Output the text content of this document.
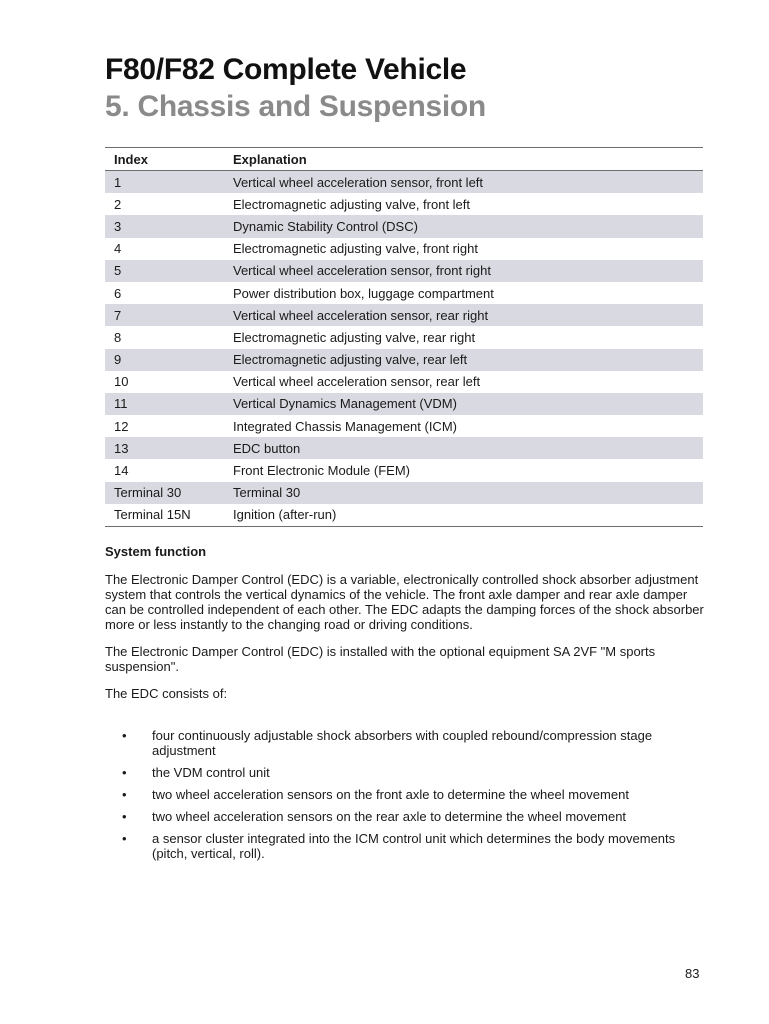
F80/F82 Complete Vehicle
5. Chassis and Suspension
Index	Explanation
1	Vertical wheel acceleration sensor, front left
2	Electromagnetic adjusting valve, front left
3	Dynamic Stability Control (DSC)
4	Electromagnetic adjusting valve, front right
5	Vertical wheel acceleration sensor, front right
6	Power distribution box, luggage compartment
7	Vertical wheel acceleration sensor, rear right
8	Electromagnetic adjusting valve, rear right
9	Electromagnetic adjusting valve, rear left
10	Vertical wheel acceleration sensor, rear left
11	Vertical Dynamics Management (VDM)
12	Integrated Chassis Management (ICM)
13	EDC button
14	Front Electronic Module (FEM)
Terminal 30	Terminal 30
Terminal 15N	Ignition (after-run)
System function

The Electronic Damper Control (EDC) is a variable, electronically controlled shock absorber adjustment system that controls the vertical dynamics of the vehicle. The front axle damper and rear axle damper can be controlled independent of each other. The EDC adapts the damping forces of the shock absorber more or less instantly to the changing road or driving conditions.

The Electronic Damper Control (EDC) is installed with the optional equipment SA 2VF "M sports suspension".

The EDC consists of:

• four continuously adjustable shock absorbers with coupled rebound/compression stage adjustment
• the VDM control unit
• two wheel acceleration sensors on the front axle to determine the wheel movement
• two wheel acceleration sensors on the rear axle to determine the wheel movement
• a sensor cluster integrated into the ICM control unit which determines the body movements (pitch, vertical, roll).
83
